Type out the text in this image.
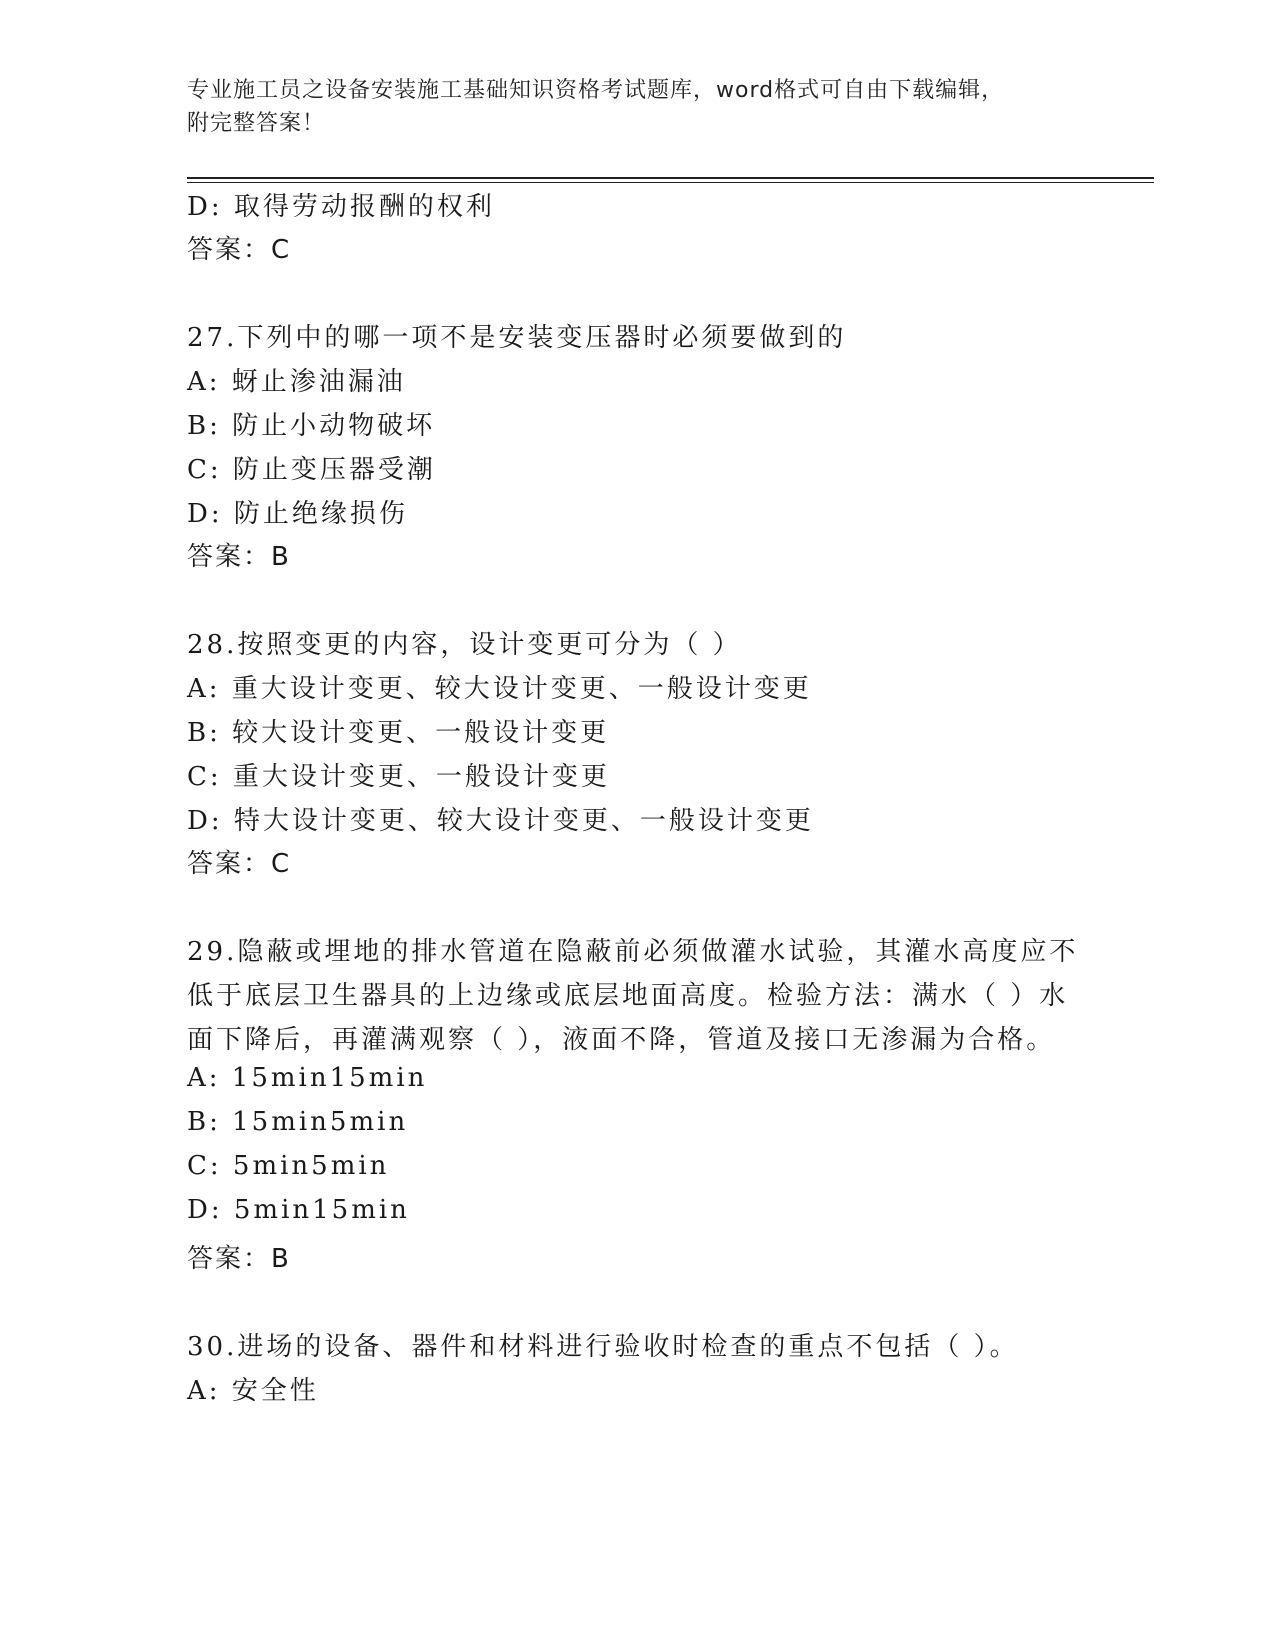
专业施工员之设备安装施工基础知识资格考试题库，word格式可自由下载编辑，
附完整答案！
D: 取得劳动报酬的权利
答案：C
27.下列中的哪一项不是安装变压器时必须要做到的
A: 蚜止渗油漏油
B: 防止小动物破坏
C: 防止变压器受潮
D: 防止绝缘损伤
答案：B
28.按照变更的内容，设计变更可分为（ ）
A: 重大设计变更、较大设计变更、一般设计变更
B: 较大设计变更、一般设计变更
C: 重大设计变更、一般设计变更
D: 特大设计变更、较大设计变更、一般设计变更
答案：C
29.隐蔽或埋地的排水管道在隐蔽前必须做灌水试验，其灌水高度应不
低于底层卫生器具的上边缘或底层地面高度。检验方法：满水（ ）水
面下降后，再灌满观察（ ），液面不降，管道及接口无渗漏为合格。
A: 15min15min
B: 15min5min
C: 5min5min
D: 5min15min
答案：B
30.进场的设备、器件和材料进行验收时检查的重点不包括（ ）。
A: 安全性
